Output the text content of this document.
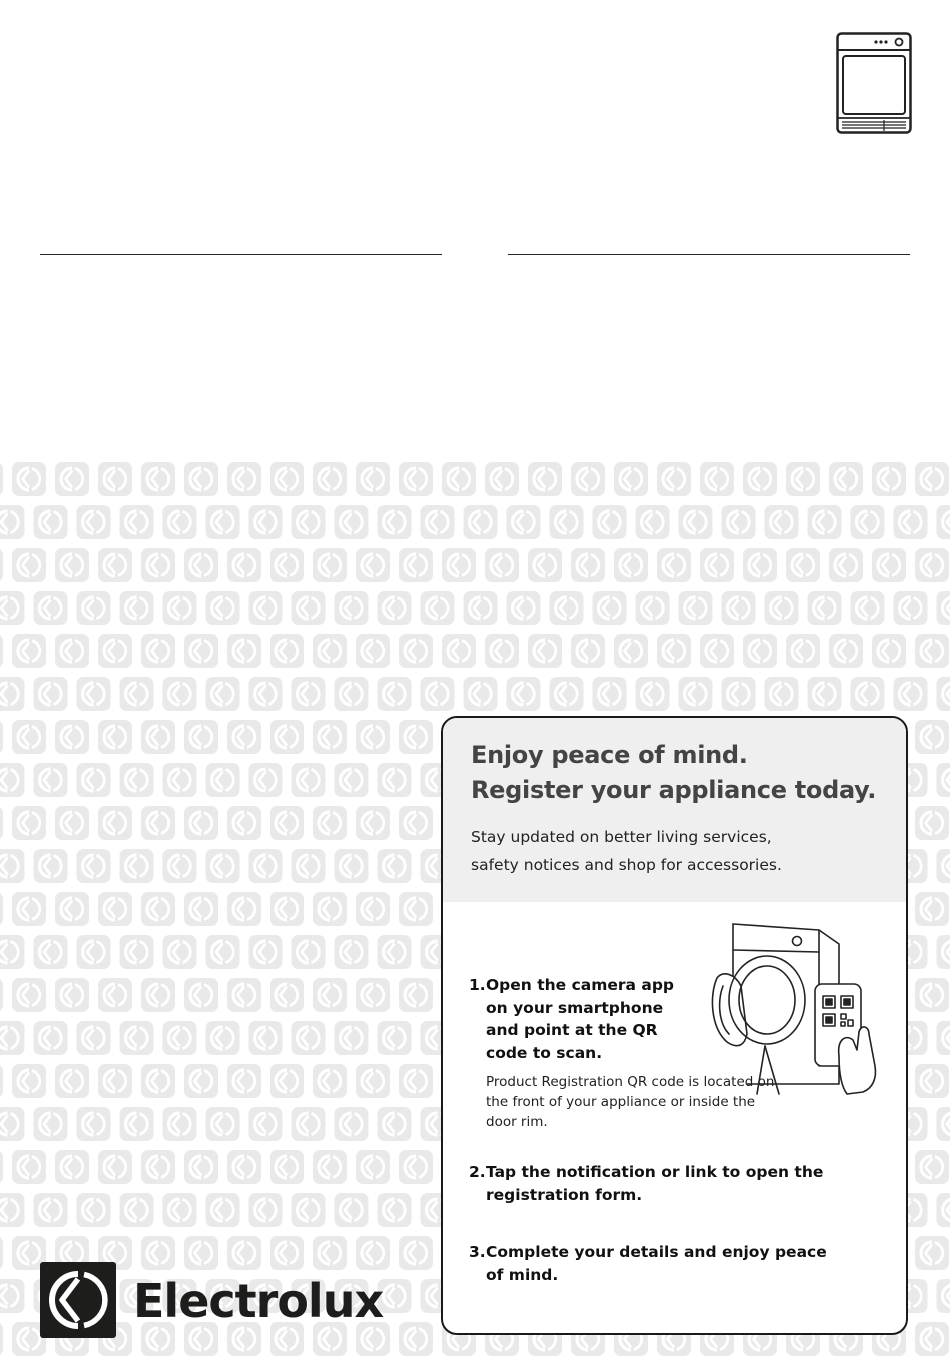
Electrolux
Enjoy peace of mind.
Register your appliance today.

Stay updated on better living services,
safety notices and shop for accessories.

1. Open the camera app on your smartphone and point at the QR code to scan.
Product Registration QR code is located on the front of your appliance or inside the door rim.
2. Tap the notification or link to open the registration form.
3. Complete your details and enjoy peace of mind.
